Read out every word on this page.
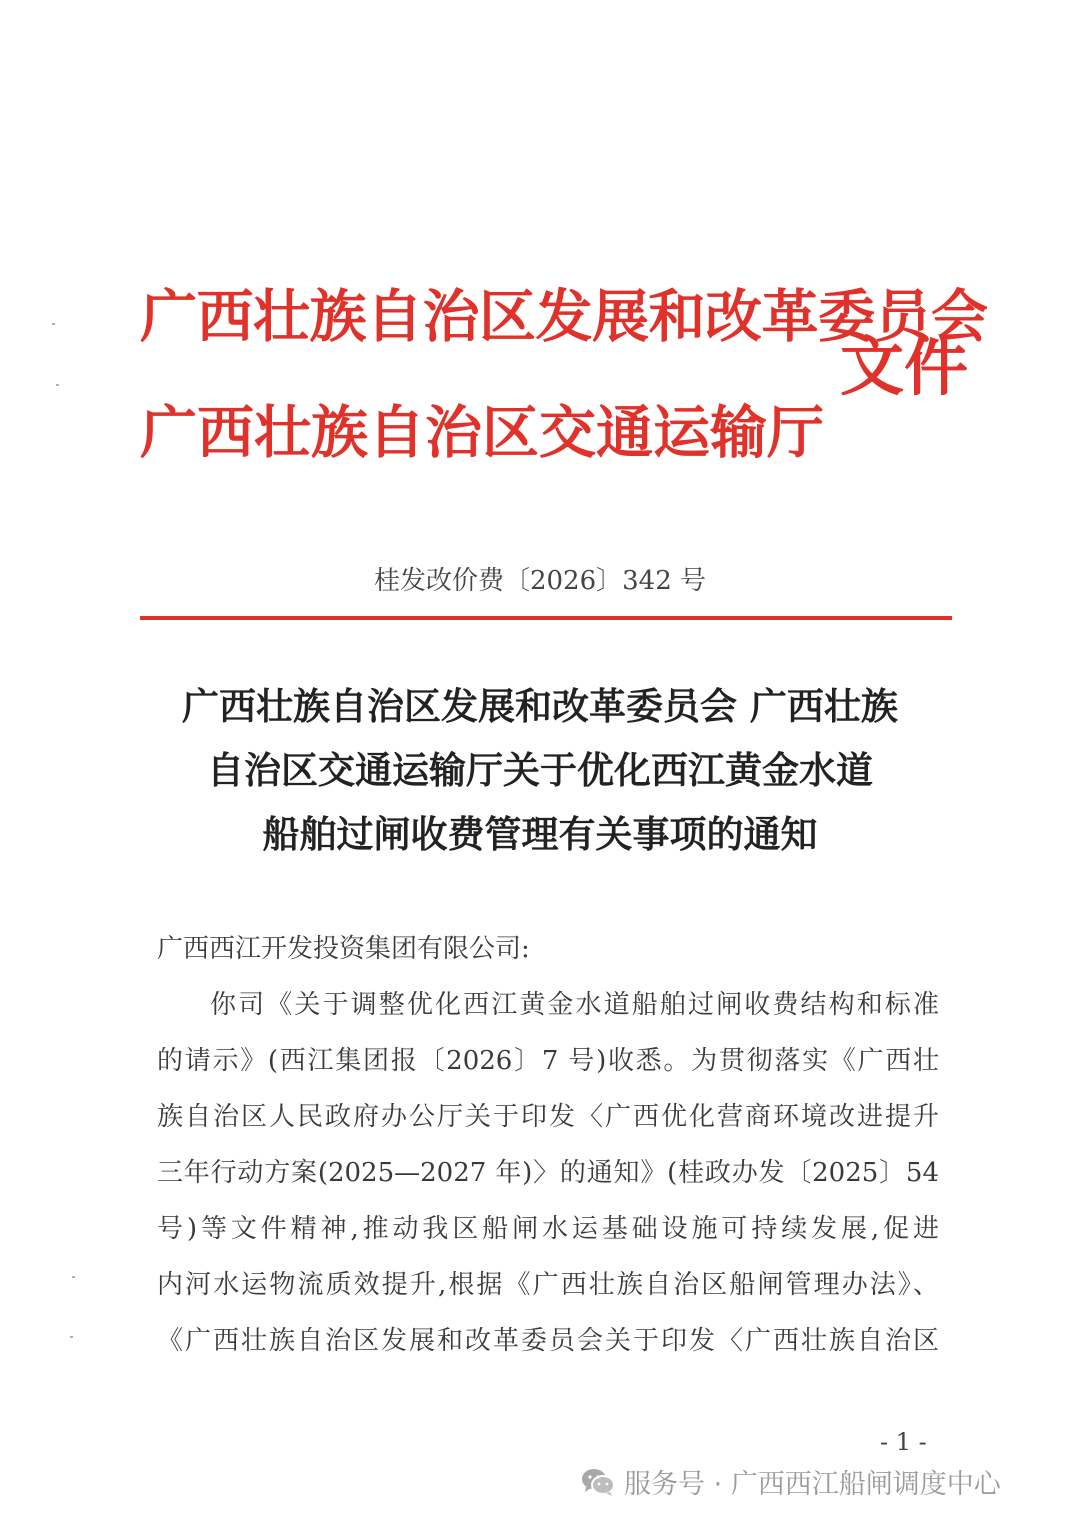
广西壮族自治区发展和改革委员会
广西壮族自治区交通运输厅
文件

桂发改价费〔2026〕342 号

广西壮族自治区发展和改革委员会 广西壮族
自治区交通运输厅关于优化西江黄金水道
船舶过闸收费管理有关事项的通知

广西西江开发投资集团有限公司:

你司《关于调整优化西江黄金水道船舶过闸收费结构和标准

的请示》(西江集团报〔2026〕7 号)收悉。为贯彻落实《广西壮

族自治区人民政府办公厅关于印发〈广西优化营商环境改进提升

三年行动方案(2025—2027 年)〉的通知》(桂政办发〔2025〕54

号)等文件精神,推动我区船闸水运基础设施可持续发展,促进

内河水运物流质效提升,根据《广西壮族自治区船闸管理办法》、

《广西壮族自治区发展和改革委员会关于印发〈广西壮族自治区

- 1 -

服务号 · 广西西江船闸调度中心
